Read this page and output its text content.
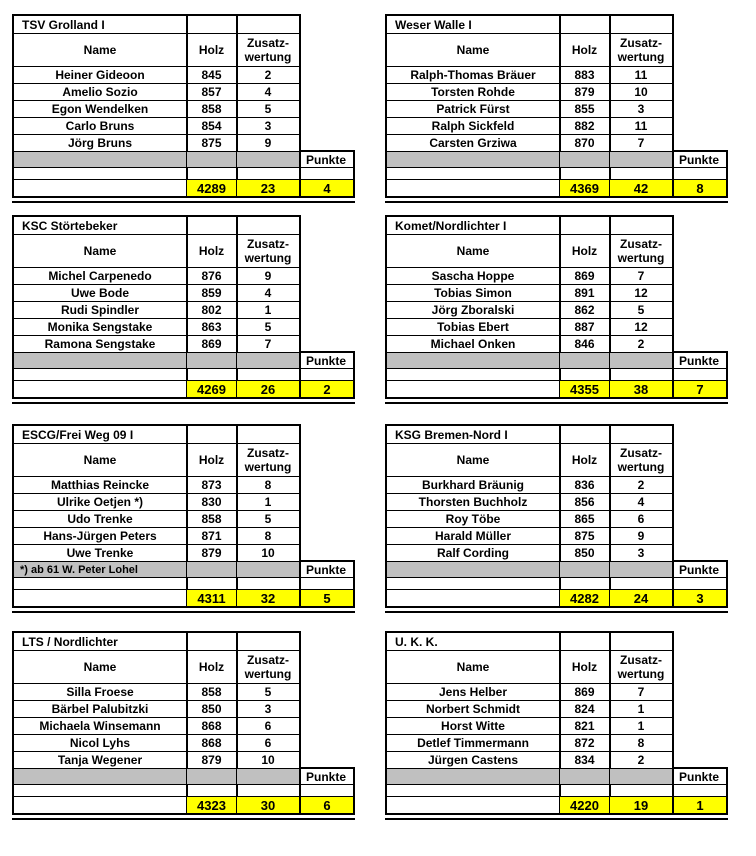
TSV Grolland I
Name	Holz	Zusatz-
wertung
Heiner Gideoon	845	2
Amelio Sozio	857	4
Egon Wendelken	858	5
Carlo Bruns	854	3
Jörg Bruns	875	9
Punkte
4289	23	4
Weser Walle I
Name	Holz	Zusatz-
wertung
Ralph-Thomas Bräuer	883	11
Torsten Rohde	879	10
Patrick Fürst	855	3
Ralph Sickfeld	882	11
Carsten Grziwa	870	7
Punkte
4369	42	8
KSC Störtebeker
Name	Holz	Zusatz-
wertung
Michel Carpenedo	876	9
Uwe Bode	859	4
Rudi Spindler	802	1
Monika Sengstake	863	5
Ramona Sengstake	869	7
Punkte
4269	26	2
Komet/Nordlichter I
Name	Holz	Zusatz-
wertung
Sascha Hoppe	869	7
Tobias Simon	891	12
Jörg Zboralski	862	5
Tobias Ebert	887	12
Michael Onken	846	2
Punkte
4355	38	7
ESCG/Frei Weg 09 I
Name	Holz	Zusatz-
wertung
Matthias Reincke	873	8
Ulrike Oetjen *)	830	1
Udo Trenke	858	5
Hans-Jürgen Peters	871	8
Uwe Trenke	879	10
*) ab 61 W. Peter Lohel	Punkte
4311	32	5
KSG Bremen-Nord I
Name	Holz	Zusatz-
wertung
Burkhard Bräunig	836	2
Thorsten Buchholz	856	4
Roy Töbe	865	6
Harald Müller	875	9
Ralf Cording	850	3
Punkte
4282	24	3
LTS / Nordlichter
Name	Holz	Zusatz-
wertung
Silla Froese	858	5
Bärbel Palubitzki	850	3
Michaela Winsemann	868	6
Nicol Lyhs	868	6
Tanja Wegener	879	10
Punkte
4323	30	6
U. K. K.
Name	Holz	Zusatz-
wertung
Jens Helber	869	7
Norbert Schmidt	824	1
Horst Witte	821	1
Detlef Timmermann	872	8
Jürgen Castens	834	2
Punkte
4220	19	1
